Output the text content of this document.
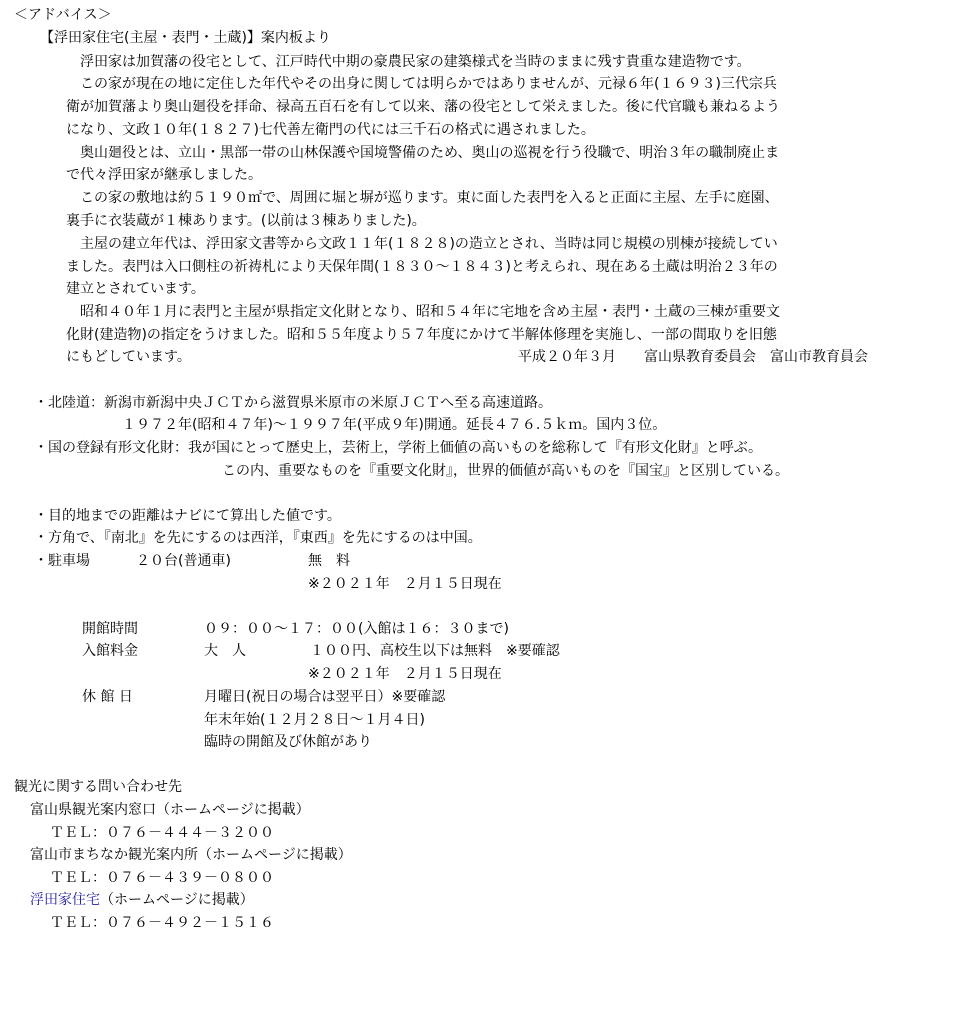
＜アドバイス＞

【浮田家住宅(主屋・表門・土蔵)】案内板より

浮田家は加賀藩の役宅として、江戸時代中期の豪農民家の建築様式を当時のままに残す貴重な建造物です。

この家が現在の地に定住した年代やその出身に関しては明らかではありませんが、元禄６年(１６９３)三代宗兵

衛が加賀藩より奥山廻役を拝命、禄高五百石を有して以来、藩の役宅として栄えました。後に代官職も兼ねるよう

になり、文政１０年(１８２７)七代善左衛門の代には三千石の格式に遇されました。

奥山廻役とは、立山・黒部一帯の山林保護や国境警備のため、奥山の巡視を行う役職で、明治３年の職制廃止ま

で代々浮田家が継承しました。

この家の敷地は約５１９０㎡で、周囲に堀と塀が巡ります。東に面した表門を入ると正面に主屋、左手に庭園、

裏手に衣装蔵が１棟あります。(以前は３棟ありました)。

主屋の建立年代は、浮田家文書等から文政１１年(１８２８)の造立とされ、当時は同じ規模の別棟が接続してい

ました。表門は入口側柱の祈祷札により天保年間(１８３０～１８４３)と考えられ、現在ある土蔵は明治２３年の

建立とされています。

昭和４０年１月に表門と主屋が県指定文化財となり、昭和５４年に宅地を含め主屋・表門・土蔵の三棟が重要文

化財(建造物)の指定をうけました。昭和５５年度より５７年度にかけて半解体修理を実施し、一部の間取りを旧態

にもどしています。	平成２０年３月　　富山県教育委員会　富山市教育員会

・北陸道：新潟市新潟中央ＪＣＴから滋賀県米原市の米原ＪＣＴへ至る高速道路。

１９７２年(昭和４７年)～１９９７年(平成９年)開通。延長４７６.５ｋｍ。国内３位。

・国の登録有形文化財：我が国にとって歴史上，芸術上，学術上価値の高いものを総称して『有形文化財』と呼ぶ。

この内、重要なものを『重要文化財』，世界的価値が高いものを『国宝』と区別している。

・目的地までの距離はナビにて算出した値です。

・方角で、『南北』を先にするのは西洋，『東西』を先にするのは中国。

・駐車場	２０台(普通車)	無　料

※２０２１年　２月１５日現在

開館時間	０９：００～１７：００(入館は１６：３０まで)

入館料金	大　人	１００円、高校生以下は無料　※要確認

※２０２１年　２月１５日現在

休 館 日	月曜日(祝日の場合は翌平日）※要確認

年末年始(１２月２８日～１月４日)

臨時の開館及び休館があり

観光に関する問い合わせ先

富山県観光案内窓口（ホームページに掲載）

ＴＥＬ：０７６－４４４－３２００

富山市まちなか観光案内所（ホームページに掲載）

ＴＥＬ：０７６－４３９－０８００

浮田家住宅（ホームページに掲載）

ＴＥＬ：０７６－４９２－１５１６
